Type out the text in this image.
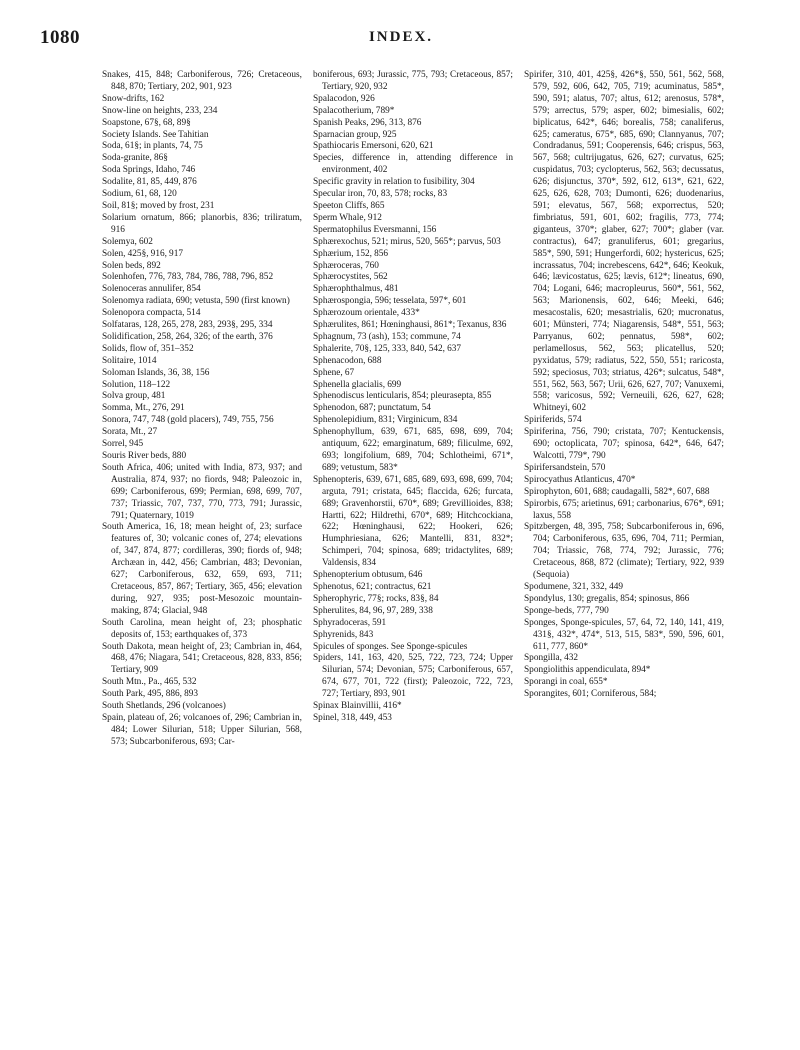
1080	INDEX.

Snakes, 415, 848; Carboniferous, 726; Cretaceous, 848, 870; Tertiary, 202, 901, 923

Snow-drifts, 162

Snow-line on heights, 233, 234

Soapstone, 67§, 68, 89§

Society Islands. See Tahitian

Soda, 61§; in plants, 74, 75

Soda-granite, 86§

Soda Springs, Idaho, 746

Sodalite, 81, 85, 449, 876

Sodium, 61, 68, 120

Soil, 81§; moved by frost, 231

Solarium ornatum, 866; planorbis, 836; triliratum, 916

Solemya, 602

Solen, 425§, 916, 917

Solen beds, 892

Solenhofen, 776, 783, 784, 786, 788, 796, 852

Solenoceras annulifer, 854

Solenomya radiata, 690; vetusta, 590 (first known)

Solenopora compacta, 514

Solfataras, 128, 265, 278, 283, 293§, 295, 334

Solidification, 258, 264, 326; of the earth, 376

Solids, flow of, 351–352

Solitaire, 1014

Soloman Islands, 36, 38, 156

Solution, 118–122

Solva group, 481

Somma, Mt., 276, 291

Sonora, 747, 748 (gold placers), 749, 755, 756

Sorata, Mt., 27

Sorrel, 945

Souris River beds, 880

South Africa, 406; united with India, 873, 937; and Australia, 874, 937; no fiords, 948; Paleozoic in, 699; Carboniferous, 699; Permian, 698, 699, 707, 737; Triassic, 707, 737, 770, 773, 791; Jurassic, 791; Quaternary, 1019

South America, 16, 18; mean height of, 23; surface features of, 30; volcanic cones of, 274; elevations of, 347, 874, 877; cordilleras, 390; fiords of, 948; Archæan in, 442, 456; Cambrian, 483; Devonian, 627; Carboniferous, 632, 659, 693, 711; Cretaceous, 857, 867; Tertiary, 365, 456; elevation during, 927, 935; post-Mesozoic mountain-making, 874; Glacial, 948

South Carolina, mean height of, 23; phosphatic deposits of, 153; earthquakes of, 373

South Dakota, mean height of, 23; Cambrian in, 464, 468, 476; Niagara, 541; Cretaceous, 828, 833, 856; Tertiary, 909

South Mtn., Pa., 465, 532

South Park, 495, 886, 893

South Shetlands, 296 (volcanoes)

Spain, plateau of, 26; volcanoes of, 296; Cambrian in, 484; Lower Silurian, 518; Upper Silurian, 568, 573; Subcarboniferous, 693; Car-

boniferous, 693; Jurassic, 775, 793; Cretaceous, 857; Tertiary, 920, 932

Spalacodon, 926

Spalacotherium, 789*

Spanish Peaks, 296, 313, 876

Sparnacian group, 925

Spathiocaris Emersoni, 620, 621

Species, difference in, attending difference in environment, 402

Specific gravity in relation to fusibility, 304

Specular iron, 70, 83, 578; rocks, 83

Speeton Cliffs, 865

Sperm Whale, 912

Spermatophilus Eversmanni, 156

Sphærexochus, 521; mirus, 520, 565*; parvus, 503

Sphærium, 152, 856

Sphæroceras, 760

Sphærocystites, 562

Sphærophthalmus, 481

Sphærospongia, 596; tesselata, 597*, 601

Sphærozoum orientale, 433*

Sphærulites, 861; Hœninghausi, 861*; Texanus, 836

Sphagnum, 73 (ash), 153; commune, 74

Sphalerite, 70§, 125, 333, 840, 542, 637

Sphenacodon, 688

Sphene, 67

Sphenella glacialis, 699

Sphenodiscus lenticularis, 854; pleurasepta, 855

Sphenodon, 687; punctatum, 54

Sphenolepidium, 831; Virginicum, 834

Sphenophyllum, 639, 671, 685, 698, 699, 704; antiquum, 622; emarginatum, 689; filiculme, 692, 693; longifolium, 689, 704; Schlotheimi, 671*, 689; vetustum, 583*

Sphenopteris, 639, 671, 685, 689, 693, 698, 699, 704; arguta, 791; cristata, 645; flaccida, 626; furcata, 689; Gravenhorstii, 670*, 689; Grevillioides, 838; Hartti, 622; Hildrethi, 670*, 689; Hitchcockiana, 622; Hœninghausi, 622; Hookeri, 626; Humphriesiana, 626; Mantelli, 831, 832*; Schimperi, 704; spinosa, 689; tridactylites, 689; Valdensis, 834

Sphenopterium obtusum, 646

Sphenotus, 621; contractus, 621

Spherophyric, 77§; rocks, 83§, 84

Spherulites, 84, 96, 97, 289, 338

Sphyradoceras, 591

Sphyrenids, 843

Spicules of sponges. See Sponge-spicules

Spiders, 141, 163, 420, 525, 722, 723, 724; Upper Silurian, 574; Devonian, 575; Carboniferous, 657, 674, 677, 701, 722 (first); Paleozoic, 722, 723, 727; Tertiary, 893, 901

Spinax Blainvillii, 416*

Spinel, 318, 449, 453

Spirifer, 310, 401, 425§, 426*§, 550, 561, 562, 568, 579, 592, 606, 642, 705, 719; acuminatus, 585*, 590, 591; alatus, 707; altus, 612; arenosus, 578*, 579; arrectus, 579; asper, 602; bimesialis, 602; biplicatus, 642*, 646; borealis, 758; canaliferus, 625; cameratus, 675*, 685, 690; Clannyanus, 707; Condradanus, 591; Cooperensis, 646; crispus, 563, 567, 568; cultrijugatus, 626, 627; curvatus, 625; cuspidatus, 703; cyclopterus, 562, 563; decussatus, 626; disjunctus, 370*, 592, 612, 613*, 621, 622, 625, 626, 628, 703; Dumonti, 626; duodenarius, 591; elevatus, 567, 568; exporrectus, 520; fimbriatus, 591, 601, 602; fragilis, 773, 774; giganteus, 370*; glaber, 627; 700*; glaber (var. contractus), 647; granuliferus, 601; gregarius, 585*, 590, 591; Hungerfordi, 602; hystericus, 625; incrassatus, 704; increbescens, 642*, 646; Keokuk, 646; lævicostatus, 625; lævis, 612*; lineatus, 690, 704; Logani, 646; macropleurus, 560*, 561, 562, 563; Marionensis, 602, 646; Meeki, 646; mesacostalis, 620; mesastrialis, 620; mucronatus, 601; Münsteri, 774; Niagarensis, 548*, 551, 563; Parryanus, 602; pennatus, 598*, 602; perlamellosus, 562, 563; plicatellus, 520; pyxidatus, 579; radiatus, 522, 550, 551; raricosta, 592; speciosus, 703; striatus, 426*; sulcatus, 548*, 551, 562, 563, 567; Urii, 626, 627, 707; Vanuxemi, 558; varicosus, 592; Verneuili, 626, 627, 628; Whitneyi, 602

Spiriferids, 574

Spiriferina, 756, 790; cristata, 707; Kentuckensis, 690; octoplicata, 707; spinosa, 642*, 646, 647; Walcotti, 779*, 790

Spirifersandstein, 570

Spirocyathus Atlanticus, 470*

Spirophyton, 601, 688; caudagalli, 582*, 607, 688

Spirorbis, 675; arietinus, 691; carbonarius, 676*, 691; laxus, 558

Spitzbergen, 48, 395, 758; Subcarboniferous in, 696, 704; Carboniferous, 635, 696, 704, 711; Permian, 704; Triassic, 768, 774, 792; Jurassic, 776; Cretaceous, 868, 872 (climate); Tertiary, 922, 939 (Sequoia)

Spodumene, 321, 332, 449

Spondylus, 130; gregalis, 854; spinosus, 866

Sponge-beds, 777, 790

Sponges, Sponge-spicules, 57, 64, 72, 140, 141, 419, 431§, 432*, 474*, 513, 515, 583*, 590, 596, 601, 611, 777, 860*

Spongilla, 432

Spongiolithis appendiculata, 894*

Sporangi in coal, 655*

Sporangites, 601; Corniferous, 584;
